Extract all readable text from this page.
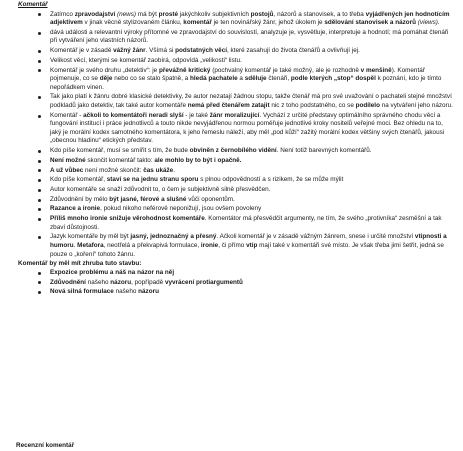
Komentář
Zatímco zpravodajství (news) má být prosté jakýchkoliv subjektivních postojů, názorů a stanovisek, a to třeba vyjádřených jen hodnotícím adjektivem v jinak věcně stylizovaném článku, komentář je ten novinářský žánr, jehož úkolem je sdělování stanovisek a názorů (views).
dává události a relevantní výroky přítomné ve zpravodajství do souvislostí, analyzuje je, vysvětluje, interpretuje a hodnotí; má pomáhat čtenáři při vytváření jeho vlastních názorů.
Komentář je v zásadě vážný žánr. Všímá si podstatných věcí, které zasahují do života čtenářů a ovlivňují jej.
Velikost věcí, kterými se komentář zaobírá, odpovídá „velikosti“ listu.
Komentář je svého druhu „detektiv“: je převážně kritický (pochvalný komentář je také možný, ale je rozhodně v menšině). Komentář pojmenuje, co se děje nebo co se stalo špatně, a hledá pachatele a sděluje čtenáři, podle kterých „stop“ dospěl k poznání, kdo je tímto nepořádkem vinen.
Tak jako platí k žánru dobré klasické detektivky, že autor nezatají žádnou stopu, takže čtenář má pro své uvažování o pachateli stejné množství podkladů jako detektiv, tak také autor komentáře nemá před čtenářem zatajit nic z toho podstatného, co se podílelo na vytváření jeho názoru.
Komentář - ačkoli to komentátoři neradi slyší - je také žánr moralizující. Vychází z určité představy optimálního správného chodu věcí a fungování institucí i práce jednotlivců a touto nikde nevyjádřenou normou poměřuje jednotlivé kroky nositelů veřejné moci. Bez ohledu na to, jaký je morální kodex samotného komentátora, k jeho řemeslu náleží, aby měl „pod kůží“ zažitý morální kodex většiny svých čtenářů, jakousi „obecnou hladinu“ etických představ.
Kdo píše komentář, musí se smířit s tím, že bude obviněn z černobílého vidění. Není totiž barevných komentářů.
Není možné skončit komentář takto: ale mohlo by to být i opačně.
A už vůbec není možné skončit: čas ukáže.
Kdo píše komentář, staví se na jednu stranu sporu s plnou odpovědností a s rizikem, že se může mýlit
Autor komentáře se snaží zdůvodnit to, o čem je subjektivně silně přesvědčen.
Zdůvodnění by mělo být jasné, férové a slušné vůči oponentům.
Razance a ironie, pokud nikoho neférově neponižují, jsou ovšem povoleny
Příliš mnoho ironie snižuje věrohodnost komentáře. Komentátor má přesvědčit argumenty, ne tím, že svého „protivníka“ zesměšní a tak zbaví důstojnosti.
Jazyk komentáře by měl být jasný, jednoznačný a přesný. Ačkoli komentář je v zásadě vážným žánrem, snese i určité množství vtipnosti a humoru. Metafora, neotřelá a překvapivá formulace, ironie, či přímo vtip mají také v komentáři své místo. Je však třeba jimi šetřit, jedná se pouze o „koření“ tohoto žánru.
Komentář by měl mít zhruba tuto stavbu:
Expozice problému a náš na názor na něj
Zdůvodnění našeho názoru, popřípadě vyvrácení protiargumentů
Nová silná formulace našeho názoru
Recenzní komentář
